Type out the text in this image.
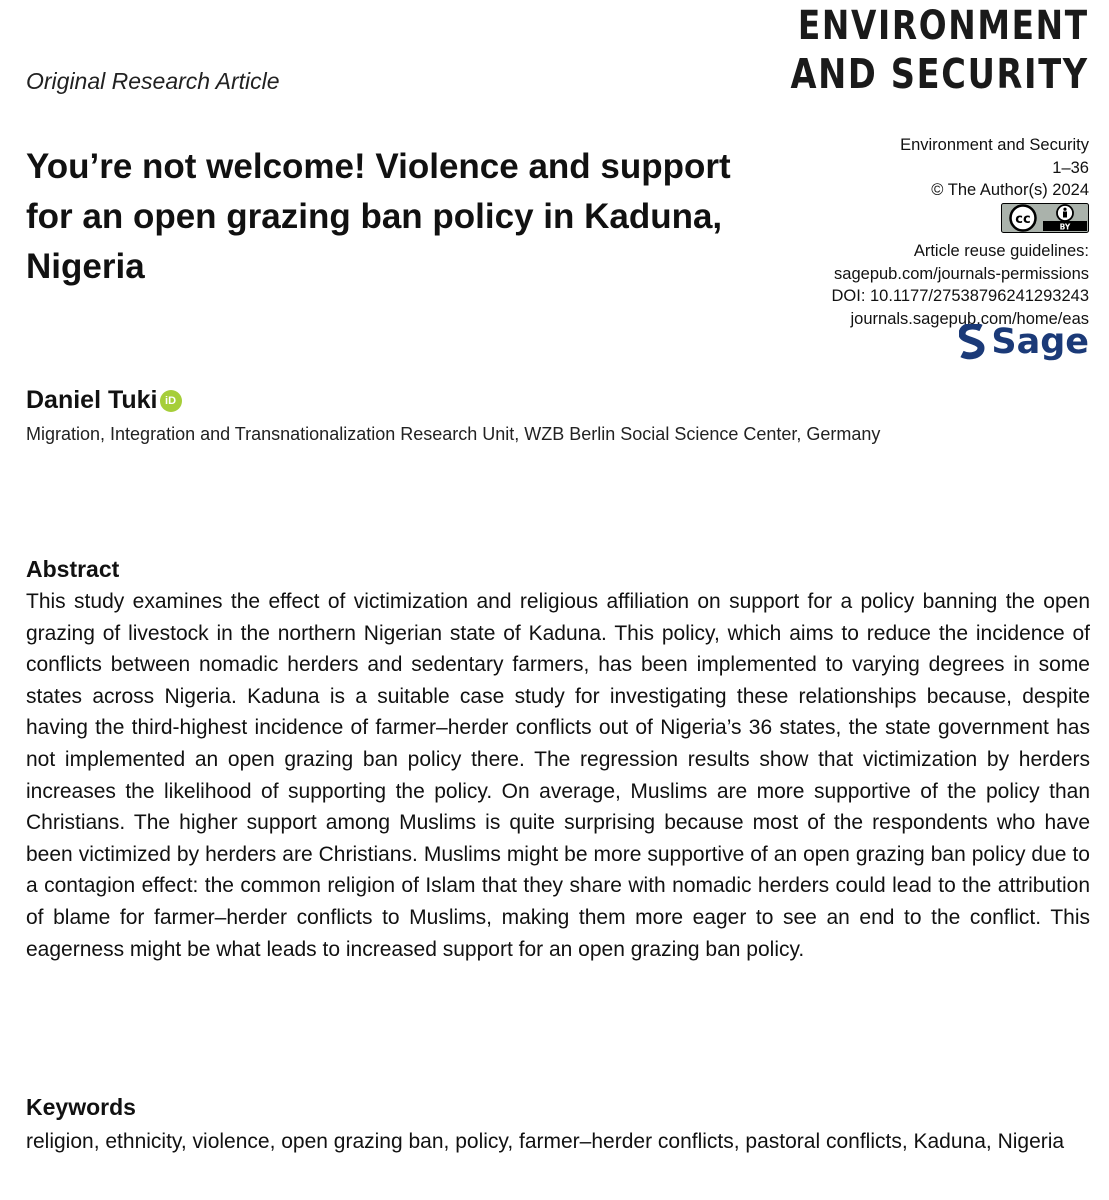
ENVIRONMENT
AND SECURITY
Original Research Article
You’re not welcome! Violence and support for an open grazing ban policy in Kaduna, Nigeria
Environment and Security
1–36
© The Author(s) 2024
cc	BY
Article reuse guidelines:
sagepub.com/journals-permissions
DOI: 10.1177/27538796241293243
journals.sagepub.com/home/eas
Sage
Daniel Tuki iD
Migration, Integration and Transnationalization Research Unit, WZB Berlin Social Science Center, Germany
Abstract
This study examines the effect of victimization and religious affiliation on support for a policy banning the open grazing of livestock in the northern Nigerian state of Kaduna. This policy, which aims to reduce the incidence of conflicts between nomadic herders and sedentary farmers, has been implemented to varying degrees in some states across Nigeria. Kaduna is a suitable case study for investigating these relationships because, despite having the third-highest incidence of farmer–herder conflicts out of Nigeria’s 36 states, the state government has not implemented an open grazing ban policy there. The regression results show that victimization by herders increases the likelihood of supporting the policy. On average, Muslims are more supportive of the policy than Christians. The higher support among Muslims is quite surprising because most of the respondents who have been victimized by herders are Christians. Muslims might be more supportive of an open grazing ban policy due to a contagion effect: the common religion of Islam that they share with nomadic herders could lead to the attribution of blame for farmer–herder conflicts to Muslims, making them more eager to see an end to the conflict. This eagerness might be what leads to increased support for an open grazing ban policy.
Keywords
religion, ethnicity, violence, open grazing ban, policy, farmer–herder conflicts, pastoral conflicts, Kaduna, Nigeria
